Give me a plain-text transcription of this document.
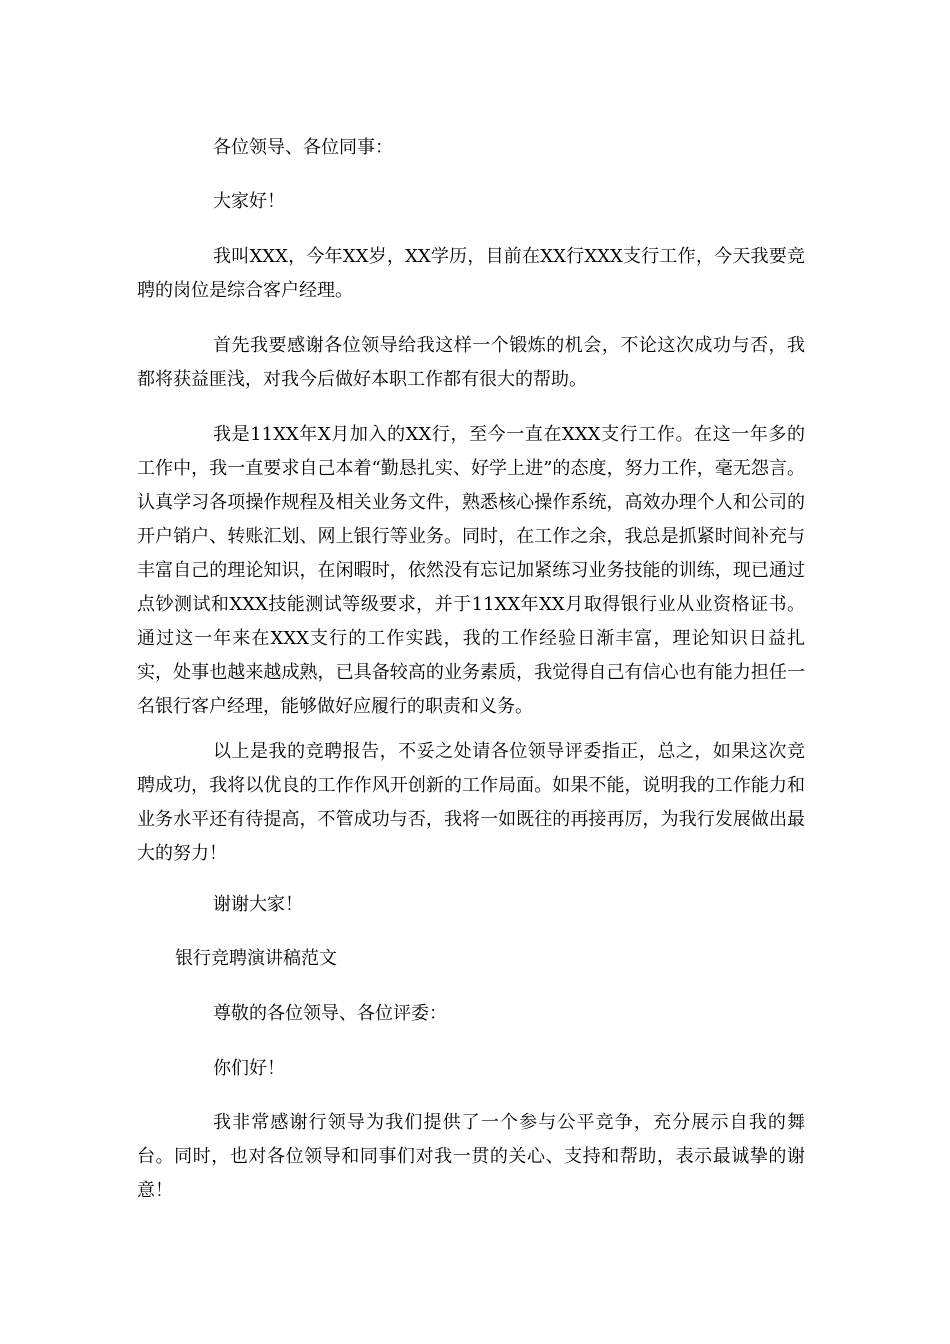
各位领导、各位同事：

大家好！

我叫XXX，今年XX岁，XX学历，目前在XX行XXX支行工作，今天我要竞聘的岗位是综合客户经理。

首先我要感谢各位领导给我这样一个锻炼的机会，不论这次成功与否，我都将获益匪浅，对我今后做好本职工作都有很大的帮助。

我是11XX年X月加入的XX行，至今一直在XXX支行工作。在这一年多的工作中，我一直要求自己本着“勤恳扎实、好学上进”的态度，努力工作，毫无怨言。认真学习各项操作规程及相关业务文件，熟悉核心操作系统，高效办理个人和公司的开户销户、转账汇划、网上银行等业务。同时，在工作之余，我总是抓紧时间补充与丰富自己的理论知识，在闲暇时，依然没有忘记加紧练习业务技能的训练，现已通过点钞测试和XXX技能测试等级要求，并于11XX年XX月取得银行业从业资格证书。通过这一年来在XXX支行的工作实践，我的工作经验日渐丰富，理论知识日益扎实，处事也越来越成熟，已具备较高的业务素质，我觉得自己有信心也有能力担任一名银行客户经理，能够做好应履行的职责和义务。

以上是我的竞聘报告，不妥之处请各位领导评委指正，总之，如果这次竞聘成功，我将以优良的工作作风开创新的工作局面。如果不能，说明我的工作能力和业务水平还有待提高，不管成功与否，我将一如既往的再接再厉，为我行发展做出最大的努力！

谢谢大家！

银行竞聘演讲稿范文

尊敬的各位领导、各位评委：

你们好！

我非常感谢行领导为我们提供了一个参与公平竞争，充分展示自我的舞台。同时，也对各位领导和同事们对我一贯的关心、支持和帮助，表示最诚挚的谢意！
